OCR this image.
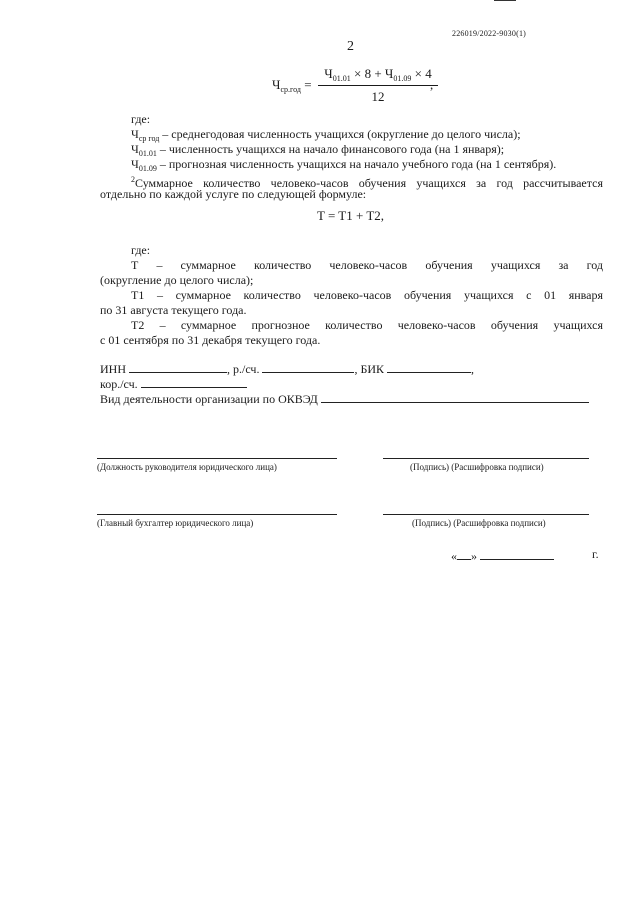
226019/2022-9030(1)
2
$Ч_{ср.год}$ =
$Ч_{01.01} \times 8 + Ч_{01.09} \times 4$
12
,
где:
$Ч_{ср год}$ – среднегодовая численность учащихся (округление до целого числа);
$Ч_{01.01}$ – численность учащихся на начало финансового года (на 1 января);
$Ч_{01.09}$ – прогнозная численность учащихся на начало учебного года (на 1 сентября).
$^2$Суммарное количество человеко-часов обучения учащихся за год рассчитывается
отдельно по каждой услуге по следующей формуле:
T = T1 + T2,
где:
Т – суммарное количество человеко-часов обучения учащихся за год
(округление до целого числа);
Т1 – суммарное количество человеко-часов обучения учащихся с 01 января
по 31 августа текущего года.
Т2 – суммарное прогнозное количество человеко-часов обучения учащихся
с 01 сентября по 31 декабря текущего года.
ИНН	, р./сч.	, БИК	,
кор./сч.
Вид деятельности организации по ОКВЭД
(Должность руководителя юридического лица)	(Подпись) (Расшифровка подписи)
(Главный бухгалтер юридического лица)	(Подпись) (Расшифровка подписи)
« »	г.
